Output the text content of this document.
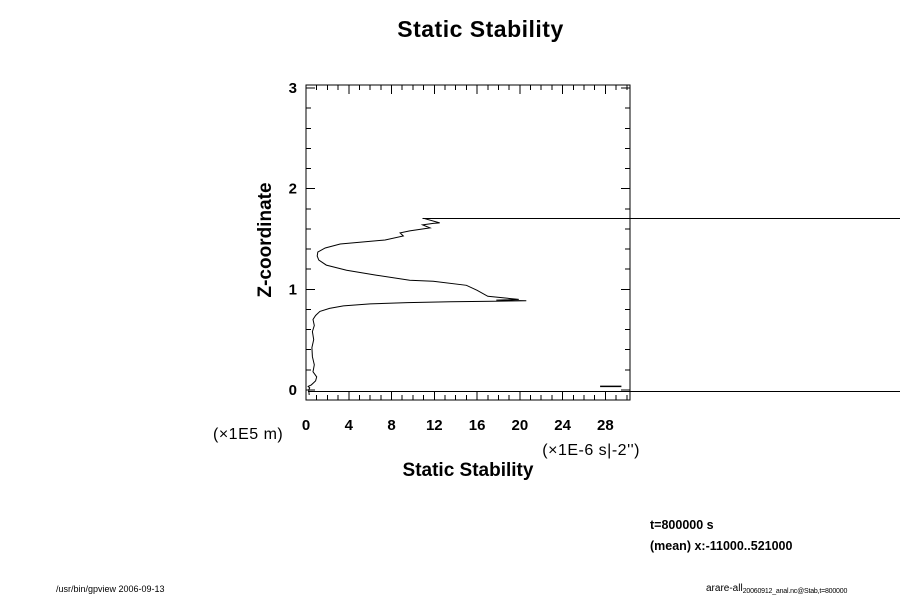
0 4 8 12 16 20 24 28
0
1
2
3
Static Stability
Z-coordinate
(×1E5 m)
(×1E-6 s|-2'')
Static Stability
t=800000 s
(mean) x:-11000..521000
/usr/bin/gpview 2006-09-13	arare-all$_{20060912\_anal.nc@Stab,t=800000}$
